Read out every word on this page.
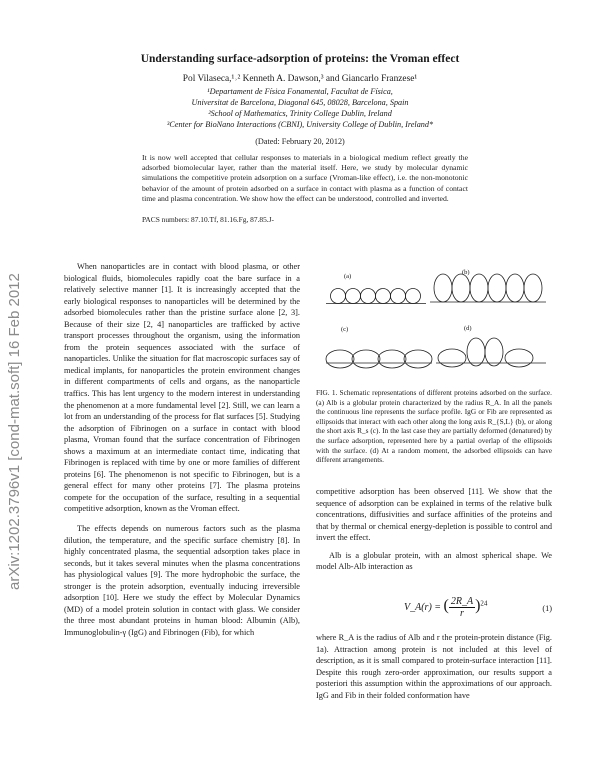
Understanding surface-adsorption of proteins: the Vroman effect
Pol Vilaseca,¹˒² Kenneth A. Dawson,³ and Giancarlo Franzese¹
¹Departament de Física Fonamental, Facultat de Física,
Universitat de Barcelona, Diagonal 645, 08028, Barcelona, Spain
²School of Mathematics, Trinity College Dublin, Ireland
³Center for BioNano Interactions (CBNI), University College of Dublin, Ireland*
(Dated: February 20, 2012)
It is now well accepted that cellular responses to materials in a biological medium reflect greatly the adsorbed biomolecular layer, rather than the material itself. Here, we study by molecular dynamic simulations the competitive protein adsorption on a surface (Vroman-like effect), i.e. the non-monotonic behavior of the amount of protein adsorbed on a surface in contact with plasma as a function of contact time and plasma concentration. We show how the effect can be understood, controlled and inverted.
PACS numbers: 87.10.Tf, 81.16.Fg, 87.85.J-
arXiv:1202.3796v1 [cond-mat.soft] 16 Feb 2012

When nanoparticles are in contact with blood plasma, or other biological fluids, biomolecules rapidly coat the bare surface in a relatively selective manner [1]. It is increasingly accepted that the early biological responses to nanoparticles will be determined by the adsorbed biomolecules rather than the pristine surface alone [2, 3]. Because of their size [2, 4] nanoparticles are trafficked by active transport processes throughout the organism, using the information from the protein sequences associated with the surface of nanoparticles. Unlike the situation for flat macroscopic surfaces say of medical implants, for nanoparticles the protein environment changes in different compartments of cells and organs, as the nanoparticle traffics. This has lent urgency to the modern interest in understanding the phenomenon at a more fundamental level [2]. Still, we can learn a lot from an understanding of the process for flat surfaces [5]. Studying the adsorption of Fibrinogen on a surface in contact with blood plasma, Vroman found that the surface concentration of Fibrinogen shows a maximum at an intermediate contact time, indicating that Fibrinogen is replaced with time by one or more families of different proteins [6]. The phenomenon is not specific to Fibrinogen, but is a general effect for many other proteins [7]. The plasma proteins compete for the occupation of the surface, resulting in a sequential competitive adsorption, known as the Vroman effect.

The effects depends on numerous factors such as the plasma dilution, the temperature, and the specific surface chemistry [8]. In highly concentrated plasma, the sequential adsorption takes place in seconds, but it takes several minutes when the plasma concentrations has physiological values [9]. The more hydrophobic the surface, the stronger is the protein adsorption, eventually inducing irreversible adsorption [10]. Here we study the effect by Molecular Dynamics (MD) of a model protein solution in contact with glass. We consider the three most abundant proteins in human blood: Albumin (Alb), Immunoglobulin-γ (IgG) and Fibrinogen (Fib), for which

(a)
(b)
(c)	(d)
FIG. 1. Schematic representations of different proteins adsorbed on the surface. (a) Alb is a globular protein characterized by the radius R_A. In all the panels the continuous line represents the surface profile. IgG or Fib are represented as ellipsoids that interact with each other along the long axis R_{S,L} (b), or along the short axis R_s (c). In the last case they are partially deformed (denatured) by the surface adsorption, represented here by a partial overlap of the ellipsoids with the surface. (d) At a random moment, the adsorbed ellipsoids can have different arrangements.

competitive adsorption has been observed [11]. We show that the sequence of adsorption can be explained in terms of the relative bulk concentrations, diffusivities and surface affinities of the proteins and that by thermal or chemical energy-depletion is possible to control and invert the effect.

Alb is a globular protein, with an almost spherical shape. We model Alb-Alb interaction as

V_A(r) = ( $\frac{2R\_A}{r} )^{24}$
(1)

where R_A is the radius of Alb and r the protein-protein distance (Fig. 1a). Attraction among protein is not included at this level of description, as it is small compared to protein-surface interaction [11]. Despite this rough zero-order approximation, our results support a posteriori this assumption within the approximations of our approach. IgG and Fib in their folded conformation have
